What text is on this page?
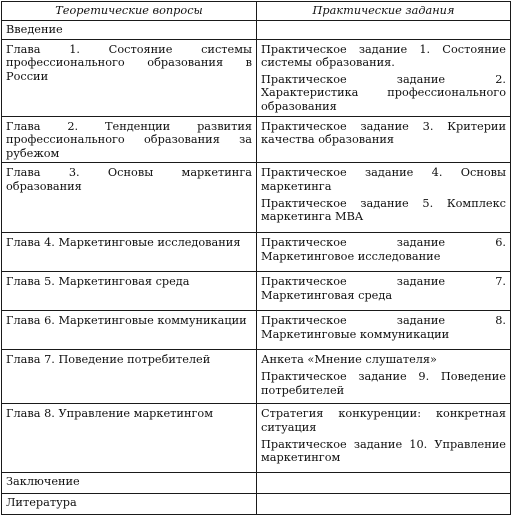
Теоретические вопросы	Практические задания
Введение	

Глава 1. Состояние системы профессионального образования в России	Практическое задание 1. Состояние системы образования.
Практическое задание 2. Характеристика профессионального образования

Глава 2. Тенденции развития профессионального образования за рубежом	Практическое задание 3. Критерии качества образования

Глава 3. Основы маркетинга образования	Практическое задание 4. Основы маркетинга
Практическое задание 5. Комплекс маркетинга MBA

Глава 4. Маркетинговые исследования	Практическое задание 6. Маркетинговое исследование

Глава 5. Маркетинговая среда	Практическое задание 7. Маркетинговая среда

Глава 6. Маркетинговые коммуникации	Практическое задание 8. Маркетинговые коммуникации

Глава 7. Поведение потребителей	Анкета «Мнение слушателя»
Практическое задание 9. Поведение потребителей

Глава 8. Управление маркетингом	Стратегия конкуренции: конкретная ситуация
Практическое задание 10. Управление маркетингом

Заключение	
Литература	
